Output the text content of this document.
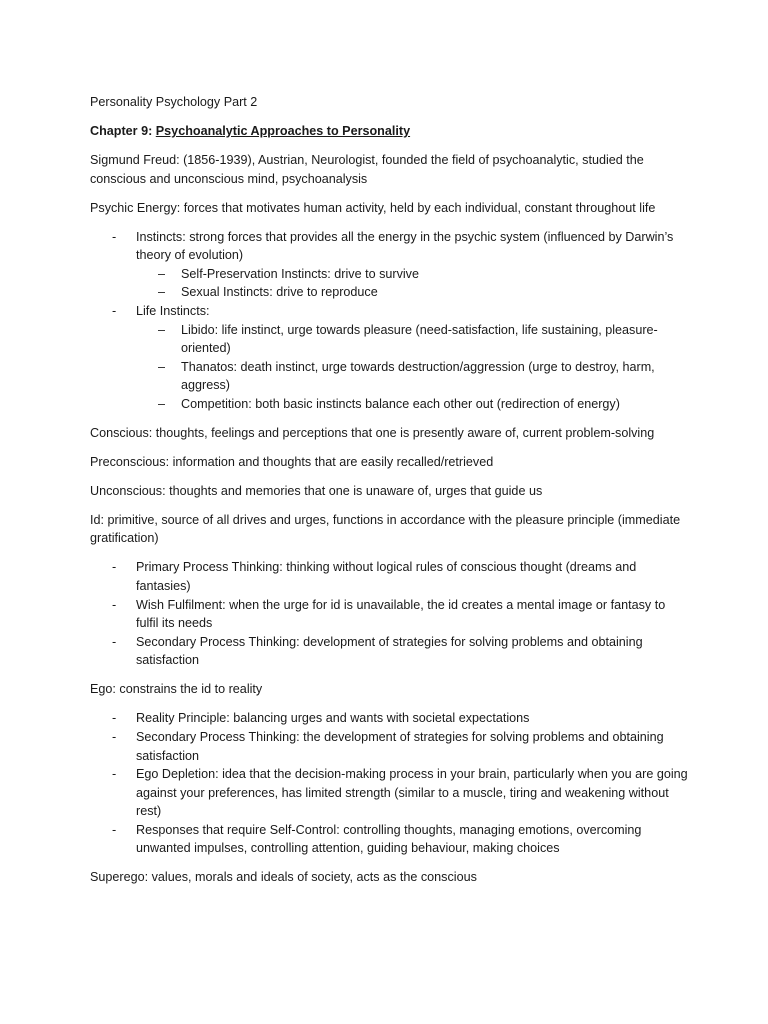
Personality Psychology Part 2

Chapter 9: Psychoanalytic Approaches to Personality

Sigmund Freud: (1856-1939), Austrian, Neurologist, founded the field of psychoanalytic, studied the conscious and unconscious mind, psychoanalysis

Psychic Energy: forces that motivates human activity, held by each individual, constant throughout life

- Instincts: strong forces that provides all the energy in the psychic system (influenced by Darwin’s theory of evolution)
– Self-Preservation Instincts: drive to survive
– Sexual Instincts: drive to reproduce
- Life Instincts:
– Libido: life instinct, urge towards pleasure (need-satisfaction, life sustaining, pleasure-oriented)
– Thanatos: death instinct, urge towards destruction/aggression (urge to destroy, harm, aggress)
– Competition: both basic instincts balance each other out (redirection of energy)

Conscious: thoughts, feelings and perceptions that one is presently aware of, current problem-solving

Preconscious: information and thoughts that are easily recalled/retrieved

Unconscious: thoughts and memories that one is unaware of, urges that guide us

Id: primitive, source of all drives and urges, functions in accordance with the pleasure principle (immediate gratification)

- Primary Process Thinking: thinking without logical rules of conscious thought (dreams and fantasies)
- Wish Fulfilment: when the urge for id is unavailable, the id creates a mental image or fantasy to fulfil its needs
- Secondary Process Thinking: development of strategies for solving problems and obtaining satisfaction

Ego: constrains the id to reality

- Reality Principle: balancing urges and wants with societal expectations
- Secondary Process Thinking: the development of strategies for solving problems and obtaining satisfaction
- Ego Depletion: idea that the decision-making process in your brain, particularly when you are going against your preferences, has limited strength (similar to a muscle, tiring and weakening without rest)
- Responses that require Self-Control: controlling thoughts, managing emotions, overcoming unwanted impulses, controlling attention, guiding behaviour, making choices

Superego: values, morals and ideals of society, acts as the conscious
